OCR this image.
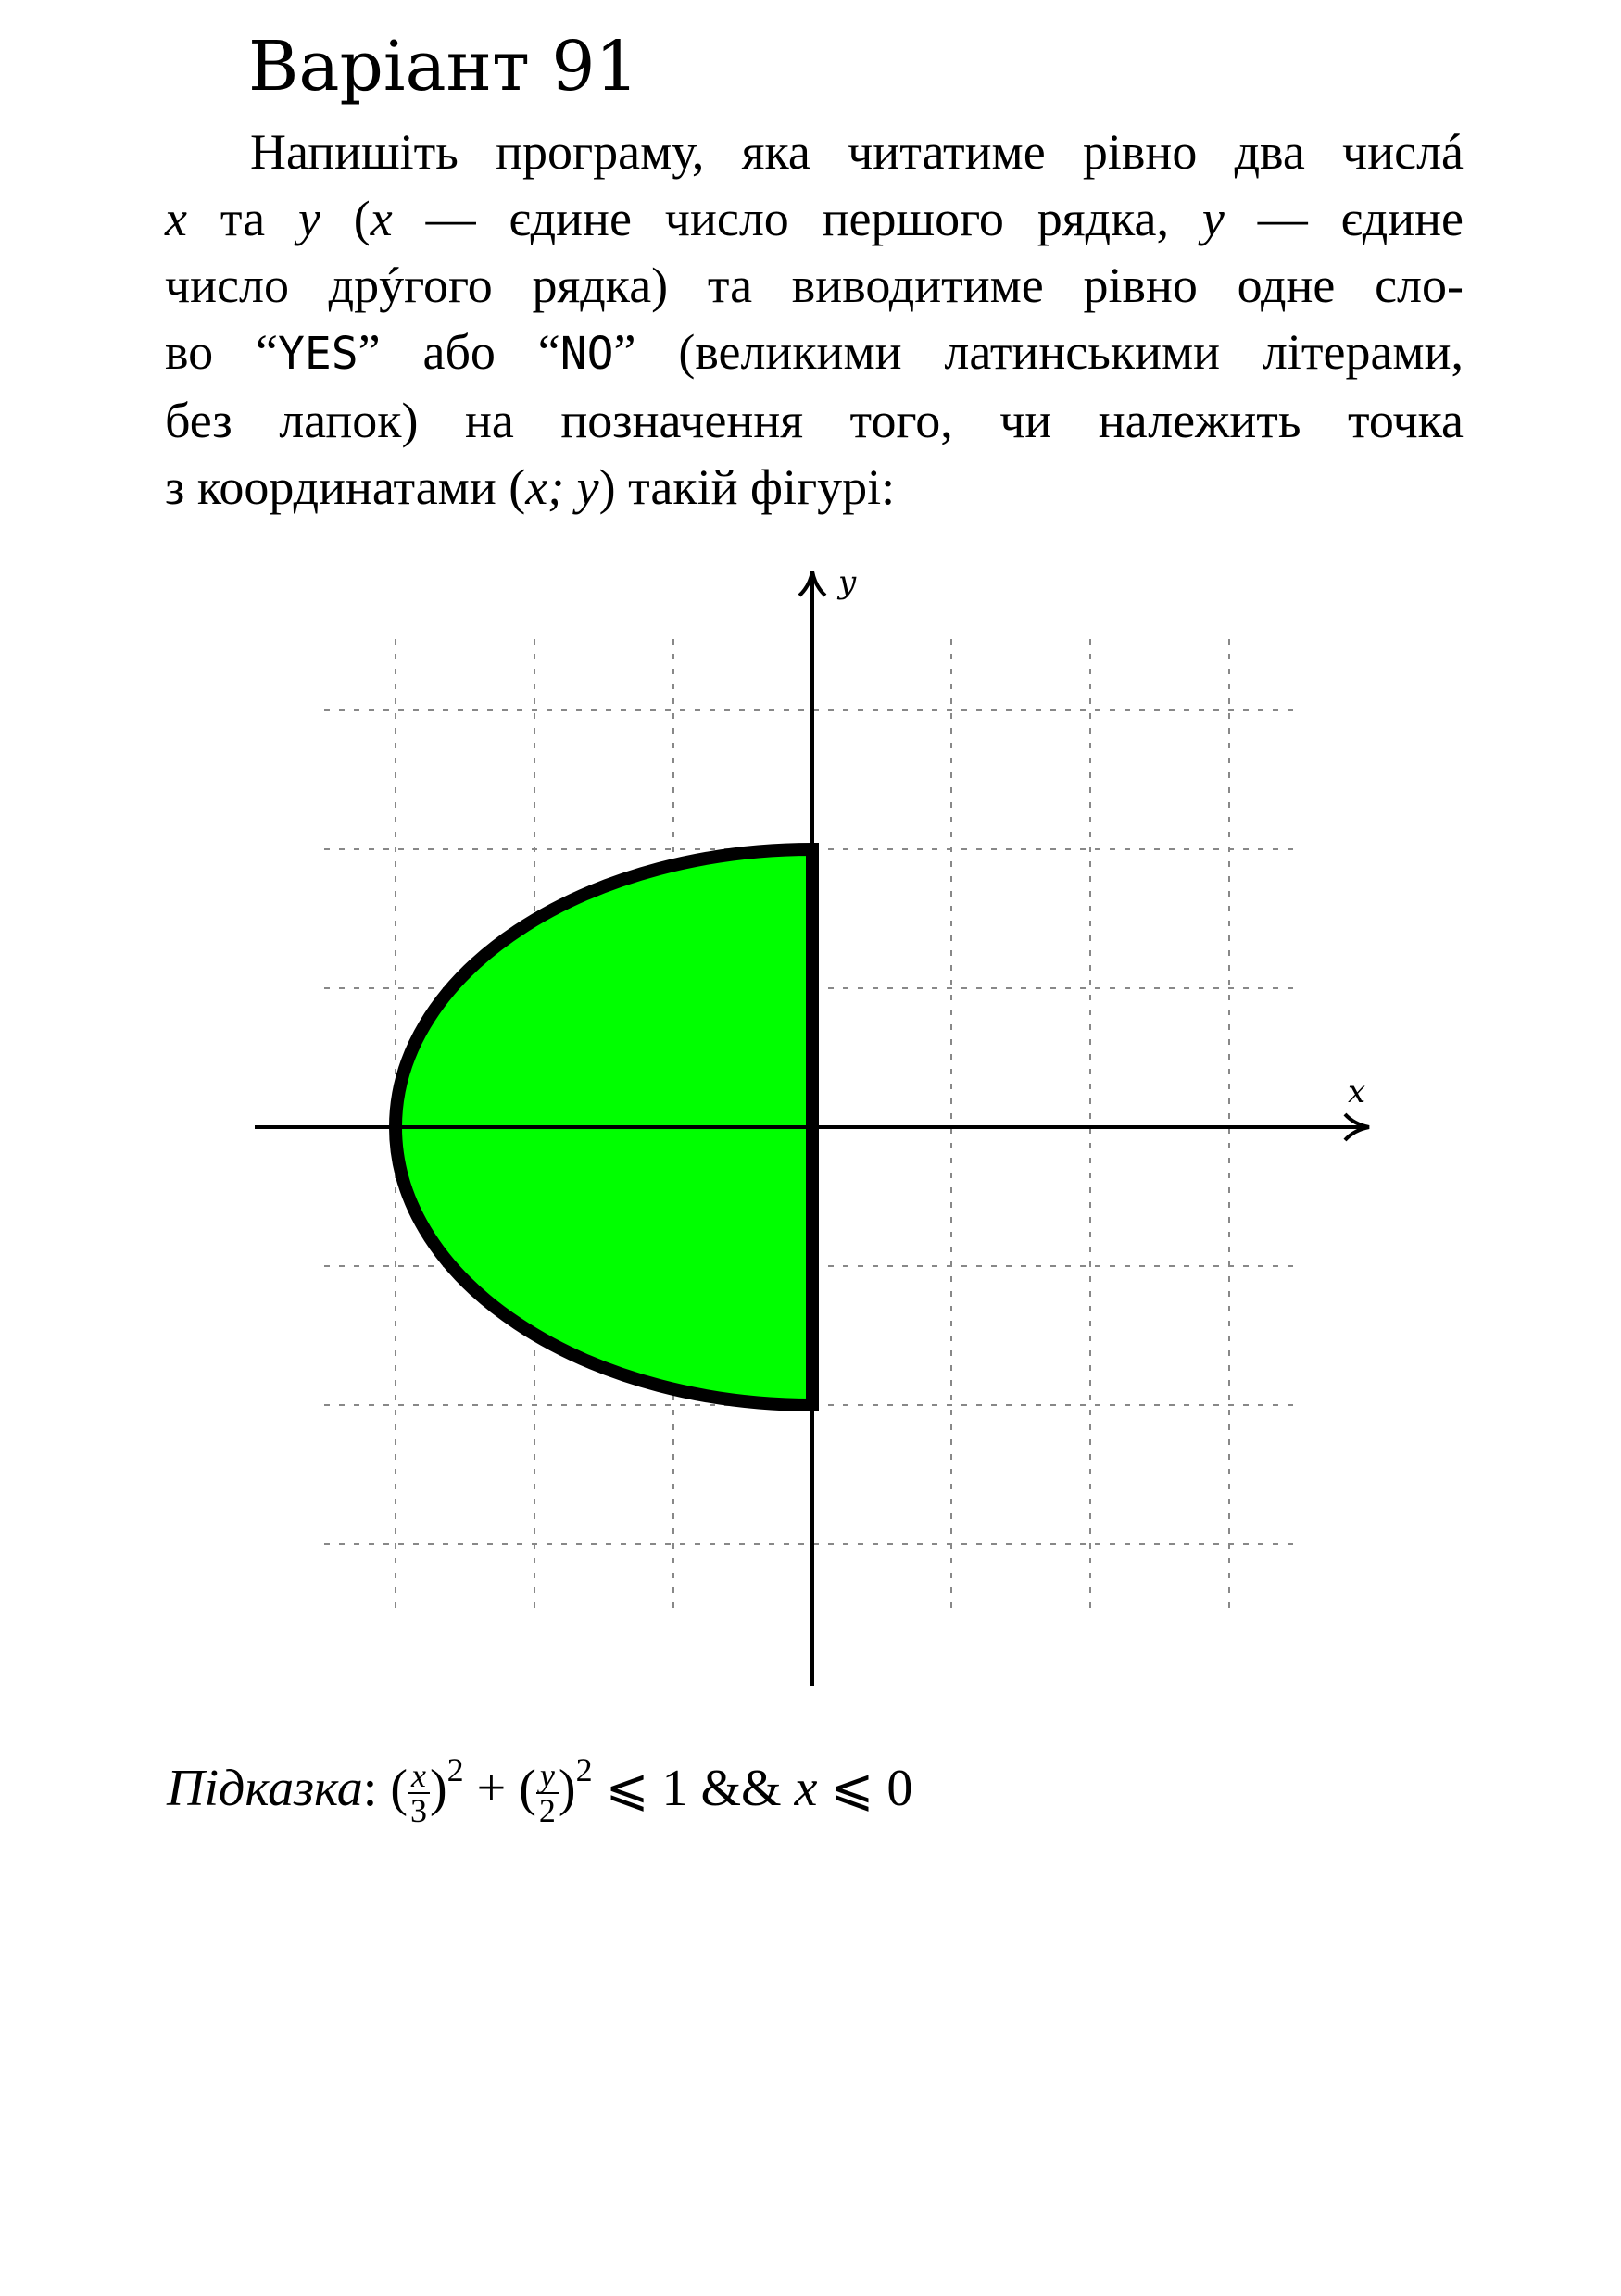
Варіант 91
Напишіть програму, яка читатиме рівно два числá
x та y (x — єдине число першого рядка, y — єдине
число дрýгого рядка) та виводитиме рівно одне сло-
во “YES” або “NO” (великими латинськими літерами,
без лапок) на позначення того, чи належить точка
з координатами (x; y) такій фігурі:
x
y
Підказка: ( $\frac{x}{3} )^2$ + ( $\frac{y}{2} )^2$ ⩽ 1 && x ⩽ 0
